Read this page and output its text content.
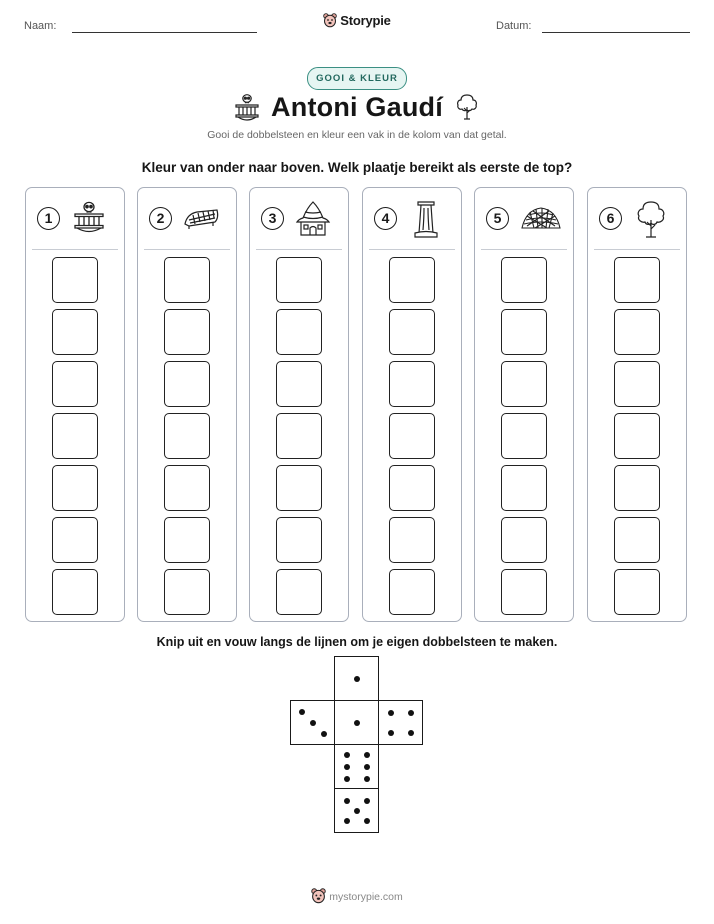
Naam:	Storypie	Datum:
GOOI & KLEUR
Antoni Gaudí
Gooi de dobbelsteen en kleur een vak in de kolom van dat getal.
Kleur van onder naar boven. Welk plaatje bereikt als eerste de top?
1	2	3	4	5	6
Knip uit en vouw langs de lijnen om je eigen dobbelsteen te maken.
mystorypie.com
